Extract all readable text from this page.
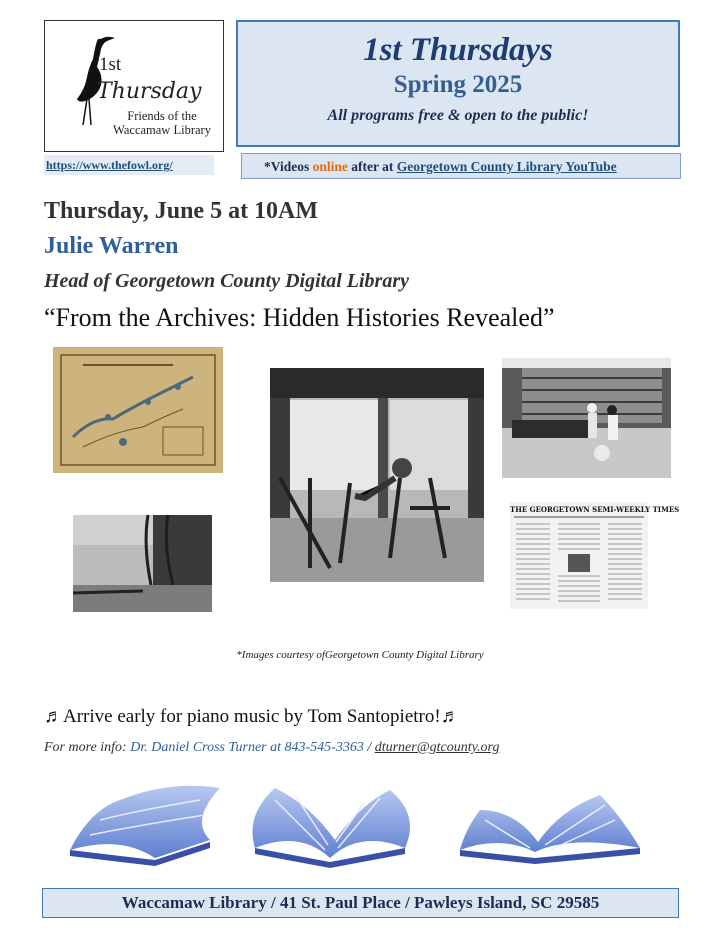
1st
Thursday
Friends of the
Waccamaw Library
https://www.thefowl.org/
1st Thursdays
Spring 2025
All programs free & open to the public!
*Videos online after at Georgetown County Library YouTube
Thursday, June 5 at 10AM
Julie Warren
Head of Georgetown County Digital Library
“From the Archives: Hidden Histories Revealed”
THE GEORGETOWN SEMI-WEEKLY TIMES
*Images courtesy ofGeorgetown County Digital Library
♬Arrive early for piano music by Tom Santopietro!♬
For more info: Dr. Daniel Cross Turner at 843-545-3363 / dturner@gtcounty.org
Waccamaw Library / 41 St. Paul Place / Pawleys Island, SC 29585
